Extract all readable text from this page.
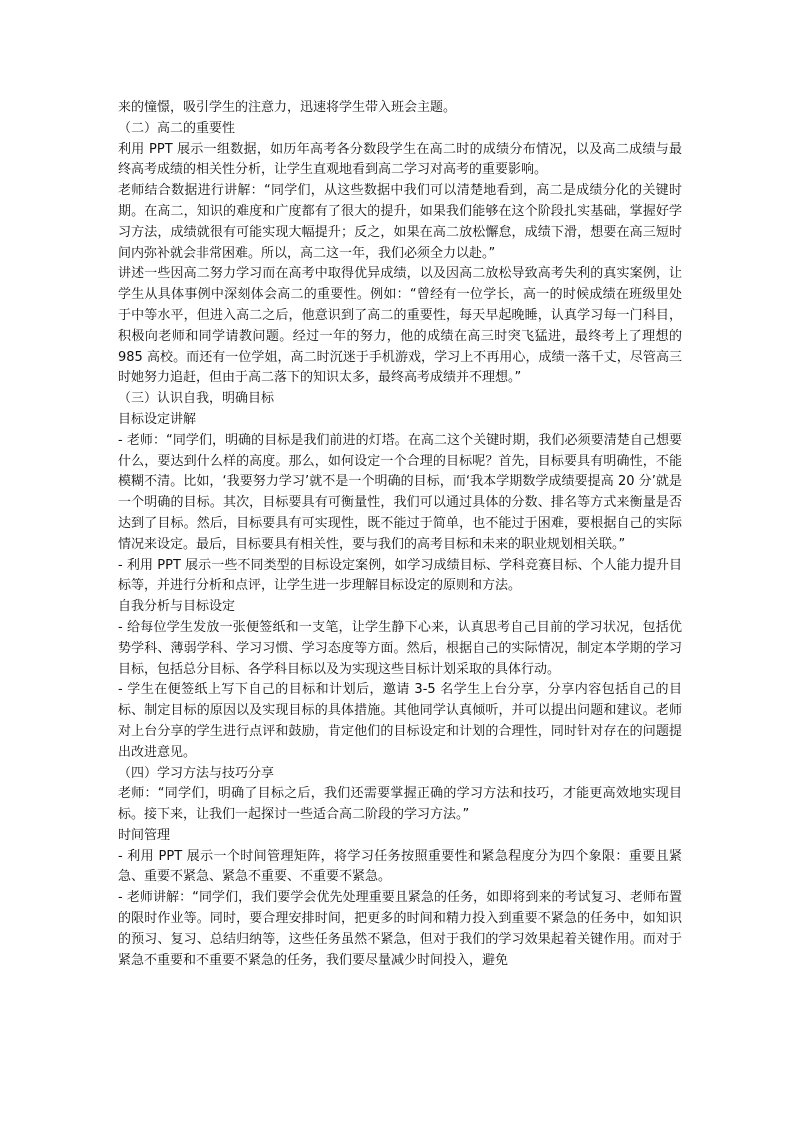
来的憧憬，吸引学生的注意力，迅速将学生带入班会主题。

（二）高二的重要性

利用 PPT 展示一组数据，如历年高考各分数段学生在高二时的成绩分布情况，以及高二成绩与最终高考成绩的相关性分析，让学生直观地看到高二学习对高考的重要影响。

老师结合数据进行讲解：“同学们，从这些数据中我们可以清楚地看到，高二是成绩分化的关键时期。在高二，知识的难度和广度都有了很大的提升，如果我们能够在这个阶段扎实基础，掌握好学习方法，成绩就很有可能实现大幅提升；反之，如果在高二放松懈怠，成绩下滑，想要在高三短时间内弥补就会非常困难。所以，高二这一年，我们必须全力以赴。”

讲述一些因高二努力学习而在高考中取得优异成绩，以及因高二放松导致高考失利的真实案例，让学生从具体事例中深刻体会高二的重要性。例如：“曾经有一位学长，高一的时候成绩在班级里处于中等水平，但进入高二之后，他意识到了高二的重要性，每天早起晚睡，认真学习每一门科目，积极向老师和同学请教问题。经过一年的努力，他的成绩在高三时突飞猛进，最终考上了理想的 985 高校。而还有一位学姐，高二时沉迷于手机游戏，学习上不再用心，成绩一落千丈，尽管高三时她努力追赶，但由于高二落下的知识太多，最终高考成绩并不理想。”

（三）认识自我，明确目标

目标设定讲解

- 老师：“同学们，明确的目标是我们前进的灯塔。在高二这个关键时期，我们必须要清楚自己想要什么，要达到什么样的高度。那么，如何设定一个合理的目标呢？首先，目标要具有明确性，不能模糊不清。比如，‘我要努力学习’就不是一个明确的目标，而‘我本学期数学成绩要提高 20 分’就是一个明确的目标。其次，目标要具有可衡量性，我们可以通过具体的分数、排名等方式来衡量是否达到了目标。然后，目标要具有可实现性，既不能过于简单，也不能过于困难，要根据自己的实际情况来设定。最后，目标要具有相关性，要与我们的高考目标和未来的职业规划相关联。”

- 利用 PPT 展示一些不同类型的目标设定案例，如学习成绩目标、学科竞赛目标、个人能力提升目标等，并进行分析和点评，让学生进一步理解目标设定的原则和方法。

自我分析与目标设定

- 给每位学生发放一张便签纸和一支笔，让学生静下心来，认真思考自己目前的学习状况，包括优势学科、薄弱学科、学习习惯、学习态度等方面。然后，根据自己的实际情况，制定本学期的学习目标，包括总分目标、各学科目标以及为实现这些目标计划采取的具体行动。

- 学生在便签纸上写下自己的目标和计划后，邀请 3-5 名学生上台分享，分享内容包括自己的目标、制定目标的原因以及实现目标的具体措施。其他同学认真倾听，并可以提出问题和建议。老师对上台分享的学生进行点评和鼓励，肯定他们的目标设定和计划的合理性，同时针对存在的问题提出改进意见。

（四）学习方法与技巧分享

老师：“同学们，明确了目标之后，我们还需要掌握正确的学习方法和技巧，才能更高效地实现目标。接下来，让我们一起探讨一些适合高二阶段的学习方法。”

时间管理

- 利用 PPT 展示一个时间管理矩阵，将学习任务按照重要性和紧急程度分为四个象限：重要且紧急、重要不紧急、紧急不重要、不重要不紧急。

- 老师讲解：“同学们，我们要学会优先处理重要且紧急的任务，如即将到来的考试复习、老师布置的限时作业等。同时，要合理安排时间，把更多的时间和精力投入到重要不紧急的任务中，如知识的预习、复习、总结归纳等，这些任务虽然不紧急，但对于我们的学习效果起着关键作用。而对于紧急不重要和不重要不紧急的任务，我们要尽量减少时间投入，避免
